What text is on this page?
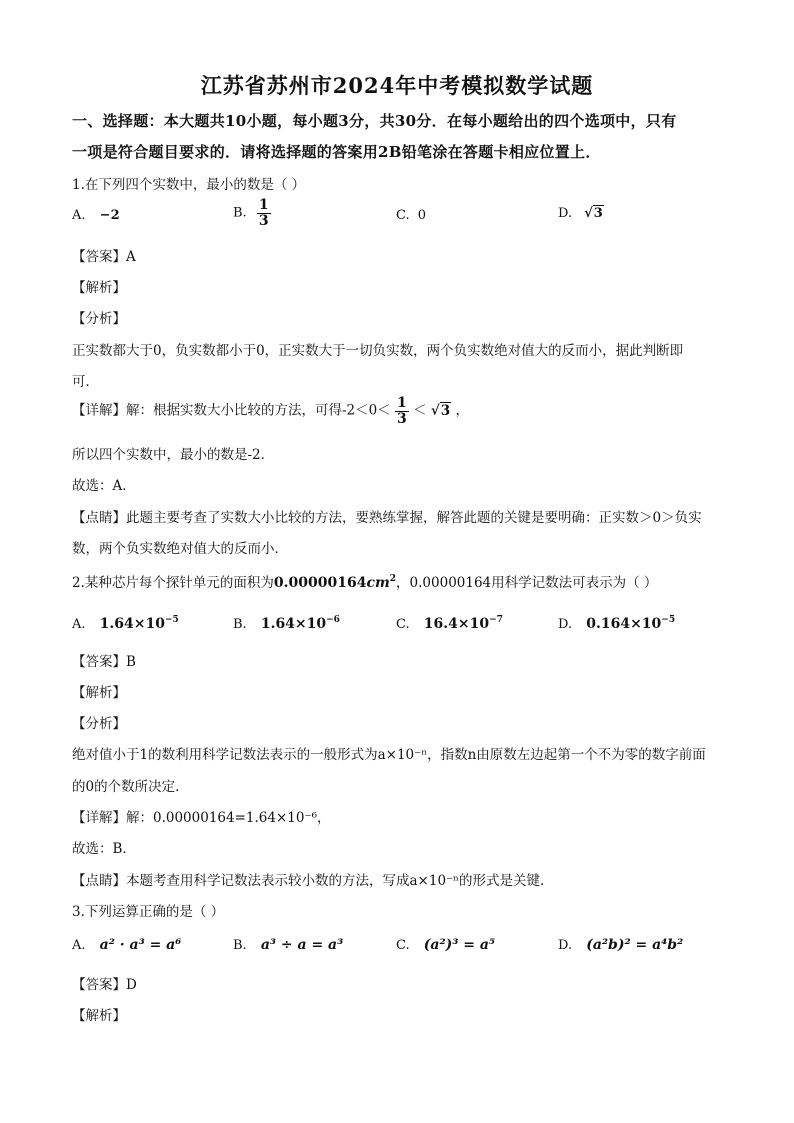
江苏省苏州市2024年中考模拟数学试题
一、选择题：本大题共10小题，每小题3分，共30分．在每小题给出的四个选项中，只有
一项是符合题目要求的．请将选择题的答案用2B铅笔涂在答题卡相应位置上．
1.在下列四个实数中，最小的数是（ ）
A. −2	B. $\frac{1}{3}$	C. 0	D. √3
【答案】A
【解析】
【分析】
正实数都大于0，负实数都小于0，正实数大于一切负实数，两个负实数绝对值大的反而小，据此判断即
可．
【详解】解：根据实数大小比较的方法，可得$-2<0< \frac{1}{3} < √3$ ，
所以四个实数中，最小的数是-2．
故选：A．
【点睛】此题主要考查了实数大小比较的方法，要熟练掌握，解答此题的关键是要明确：正实数＞0＞负实
数，两个负实数绝对值大的反而小．
2.某种芯片每个探针单元的面积为$0.00000164cm^2$，0.00000164用科学记数法可表示为（ ）
A. $1.64\times 10^{-5}$	B. $1.64\times 10^{-6}$	C. $16.4\times 10^{-7}$	D. $0.164\times 10^{-5}$
【答案】B
【解析】
【分析】
绝对值小于1的数利用科学记数法表示的一般形式为a×10⁻ⁿ，指数n由原数左边起第一个不为零的数字前面
的0的个数所决定．
【详解】解：0.00000164=1.64×10⁻⁶，
故选：B．
【点睛】本题考查用科学记数法表示较小数的方法，写成a×10⁻ⁿ的形式是关键．
3.下列运算正确的是（ ）
A. a² · a³ = a⁶	B. a³ ÷ a = a³	C. (a²)³ = a⁵	D. (a²b)² = a⁴b²
【答案】D
【解析】
